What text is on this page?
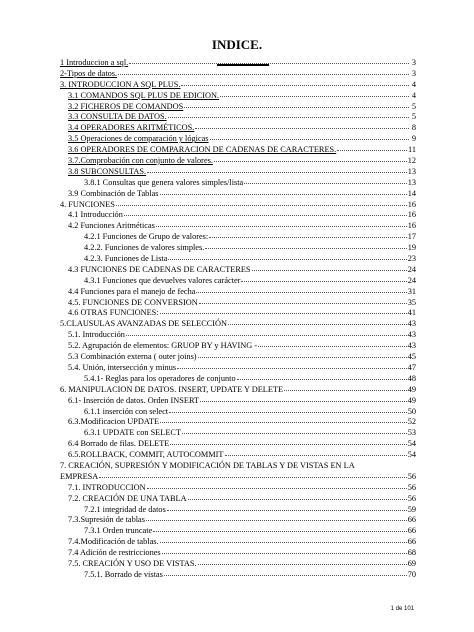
INDICE.
1 Introduccion a sql.	3
2-Tipos de datos.	3
3. INTRODUCCION A SQL PLUS.	4
3.1 COMANDOS SQL PLUS DE EDICION.	4
3.2 FICHEROS DE COMANDOS	5
3.3 CONSULTA DE DATOS.	5
3.4 OPERADORES ARITMÉTICOS.	8
3.5 Operaciones de comparación y lógicas	9
3.6 OPERADORES DE COMPARACION DE CADENAS DE CARACTERES.	11
3.7.Comprobación con conjunto de valores.	12
3.8 SUBCONSULTAS.	13
3.8.1 Consultas que genera valores simples/lista	13
3.9 Combinación de Tablas	14
4. FUNCIONES	16
4.1 Introducción	16
4.2 Funciones Aritméticas	16
4.2.1 Funciones de Grupo de valores:	17
4.2.2. Funciones de valores simples.	19
4.2.3. Funciones de Lista	23
4.3 FUNCIONES DE CADENAS DE CARACTERES	24
4.3.1 Funciones que devuelves valores carácter	24
4.4 Funciones para el manejo de fecha	31
4.5. FUNCIONES DE CONVERSION	35
4.6 OTRAS FUNCIONES:	41
5.CLAUSULAS AVANZADAS DE SELECCIÓN	43
5.1. Introducción	43
5.2. Agrupación de elementos: GRUOP BY y HAVING -	43
5.3 Combinación externa ( outer joins)	45
5.4. Unión, intersección y minus	47
5.4.1- Reglas para los operadores de conjunto	48
6. MANIPULACION DE DATOS. INSERT, UPDATE Y DELETE	49
6.1- Inserción de datos. Orden INSERT	49
6.1.1 inserción con select	50
6.3.Modificacion UPDATE	52
6.3.1 UPDATE con SELECT	53
6.4 Borrado de filas. DELETE	54
6.5.ROLLBACK, COMMIT, AUTOCOMMIT	54
7. CREACIÓN, SUPRESIÓN Y MODIFICACIÓN DE TABLAS Y DE VISTAS EN LA
EMPRESA	56
7.1. INTRODUCCION	56
7.2. CREACIÓN DE UNA TABLA	56
7.2.1 integridad de datos	59
7.3.Supresión de tablas	66
7.3.1 Orden truncate	66
7.4.Modificación de tablas.	66
7.4 Adición de restricciones	68
7.5. CREACIÓN Y USO DE VISTAS.	69
7.5.1. Borrado de vistas	70
1 de 101
